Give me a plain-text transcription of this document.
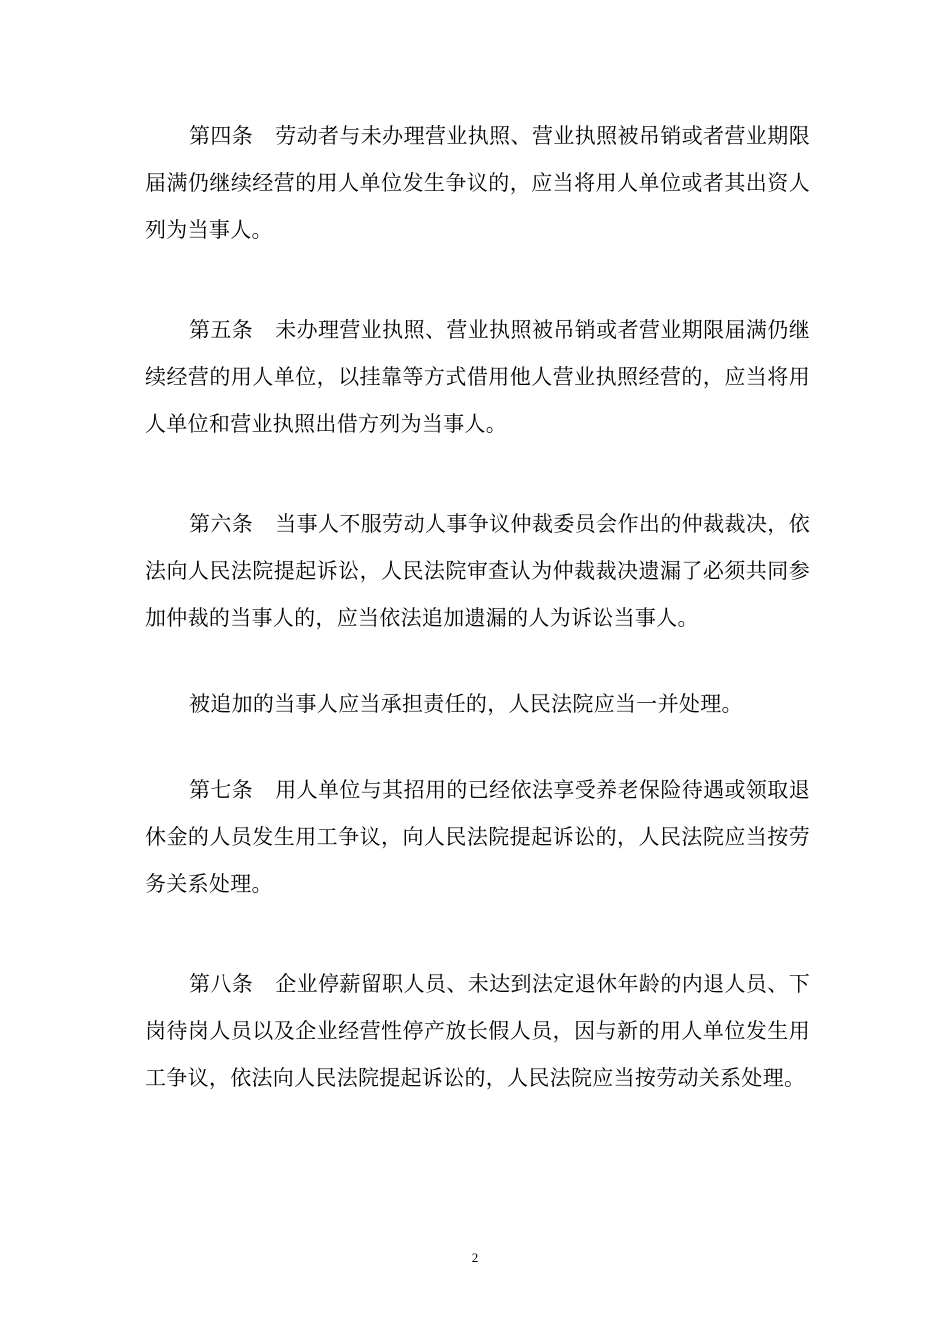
第四条 劳动者与未办理营业执照、营业执照被吊销或者营业期限届满仍继续经营的用人单位发生争议的，应当将用人单位或者其出资人列为当事人。

第五条 未办理营业执照、营业执照被吊销或者营业期限届满仍继续经营的用人单位，以挂靠等方式借用他人营业执照经营的，应当将用人单位和营业执照出借方列为当事人。

第六条 当事人不服劳动人事争议仲裁委员会作出的仲裁裁决，依法向人民法院提起诉讼，人民法院审查认为仲裁裁决遗漏了必须共同参加仲裁的当事人的，应当依法追加遗漏的人为诉讼当事人。

被追加的当事人应当承担责任的，人民法院应当一并处理。

第七条 用人单位与其招用的已经依法享受养老保险待遇或领取退休金的人员发生用工争议，向人民法院提起诉讼的，人民法院应当按劳务关系处理。

第八条 企业停薪留职人员、未达到法定退休年龄的内退人员、下岗待岗人员以及企业经营性停产放长假人员，因与新的用人单位发生用工争议，依法向人民法院提起诉讼的，人民法院应当按劳动关系处理。

2
